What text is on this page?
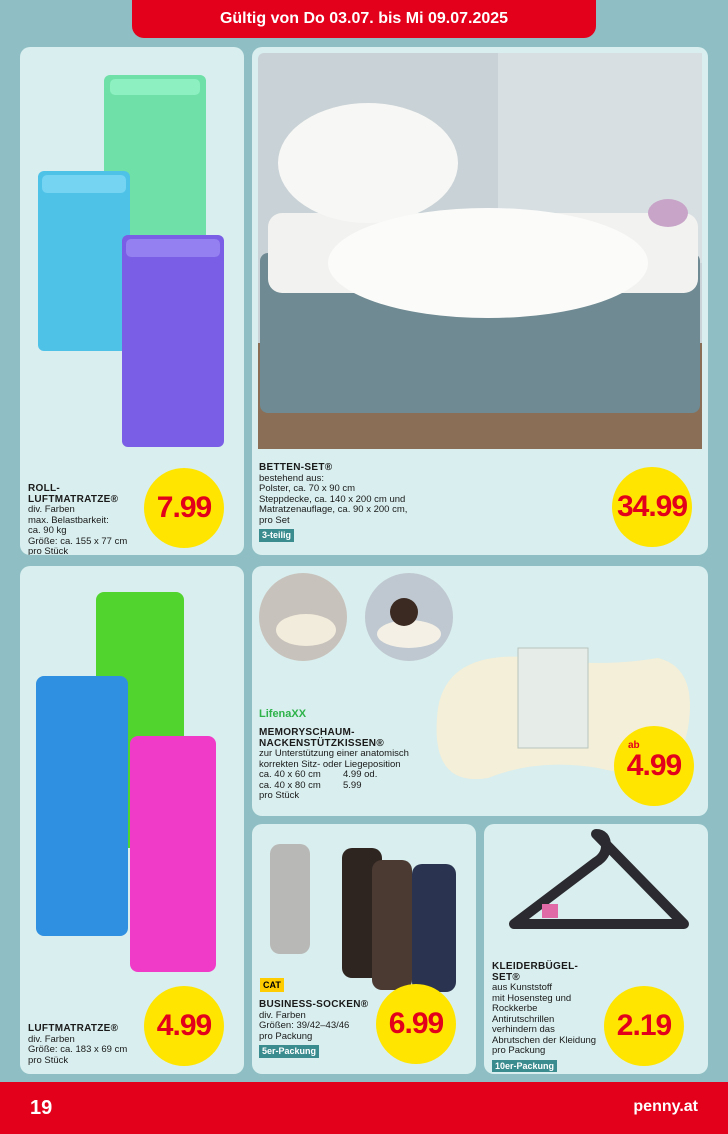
Gültig von Do 03.07. bis Mi 09.07.2025
ROLL-LUFTMATRATZE®
div. Farben
max. Belastbarkeit:
ca. 90 kg
Größe: ca. 155 x 77 cm
pro Stück
7.99
BETTEN-SET®
bestehend aus:
Polster, ca. 70 x 90 cm
Steppdecke, ca. 140 x 200 cm und
Matratzenauflage, ca. 90 x 200 cm,
pro Set
3-teilig
34.99
LUFTMATRATZE®
div. Farben
Größe: ca. 183 x 69 cm
pro Stück
4.99
LifenaXX
MEMORYSCHAUM-
NACKENSTÜTZKISSEN®
zur Unterstützung einer anatomisch
korrekten Sitz- oder Liegeposition
ca. 40 x 60 cm 4.99 od.
ca. 40 x 80 cm 5.99
pro Stück
ab
4.99
CAT
BUSINESS-SOCKEN®
div. Farben
Größen: 39/42–43/46
pro Packung
5er-Packung
6.99
KLEIDERBÜGEL-SET®
aus Kunststoff
mit Hosensteg und
Rockkerbe
Antirutschrillen
verhindern das
Abrutschen der Kleidung
pro Packung
10er-Packung
2.19
19	penny.at
